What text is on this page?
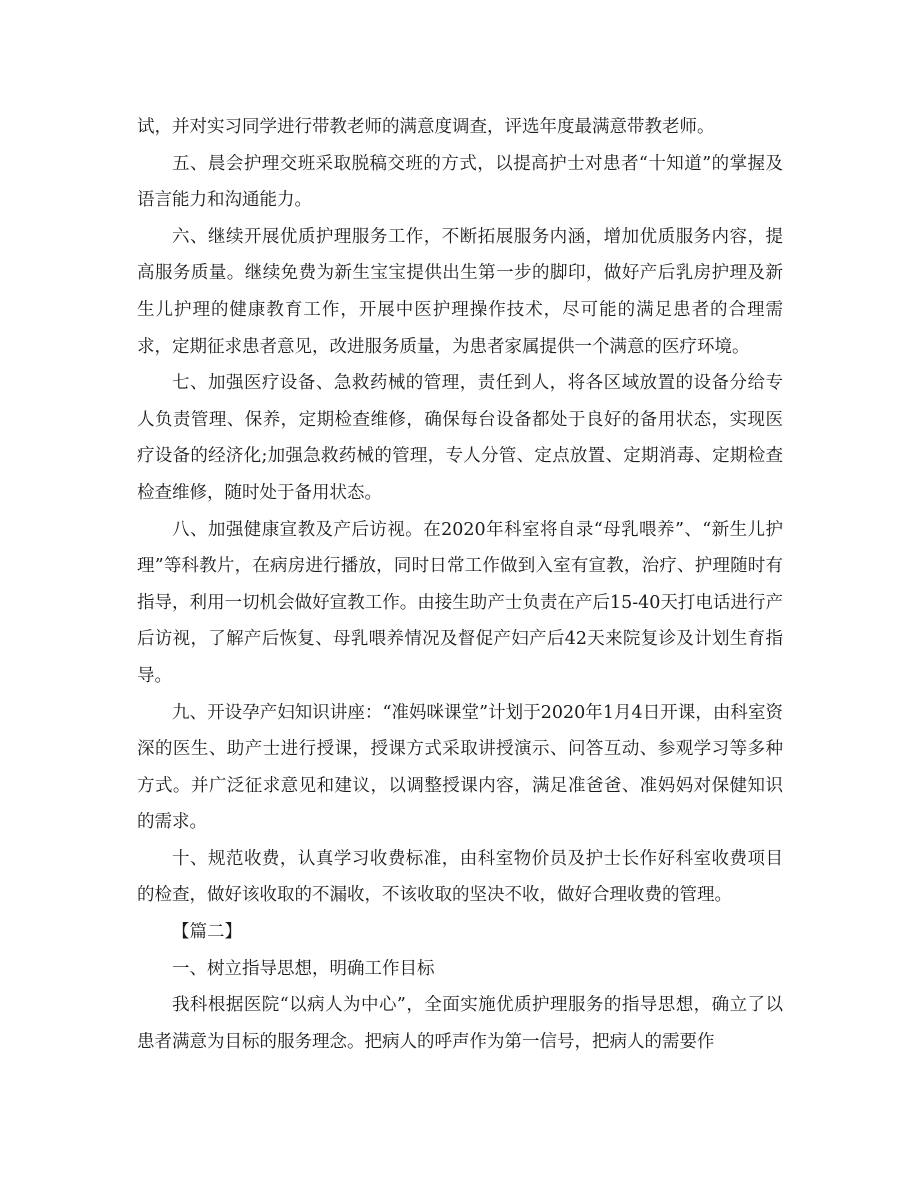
试，并对实习同学进行带教老师的满意度调查，评选年度最满意带教老师。

五、晨会护理交班采取脱稿交班的方式，以提高护士对患者“十知道”的掌握及语言能力和沟通能力。

六、继续开展优质护理服务工作，不断拓展服务内涵，增加优质服务内容，提高服务质量。继续免费为新生宝宝提供出生第一步的脚印，做好产后乳房护理及新生儿护理的健康教育工作，开展中医护理操作技术，尽可能的满足患者的合理需求，定期征求患者意见，改进服务质量，为患者家属提供一个满意的医疗环境。

七、加强医疗设备、急救药械的管理，责任到人，将各区域放置的设备分给专人负责管理、保养，定期检查维修，确保每台设备都处于良好的备用状态，实现医疗设备的经济化;加强急救药械的管理，专人分管、定点放置、定期消毒、定期检查检查维修，随时处于备用状态。

八、加强健康宣教及产后访视。在2020年科室将自录“母乳喂养”、“新生儿护理”等科教片，在病房进行播放，同时日常工作做到入室有宣教，治疗、护理随时有指导，利用一切机会做好宣教工作。由接生助产士负责在产后15-40天打电话进行产后访视，了解产后恢复、母乳喂养情况及督促产妇产后42天来院复诊及计划生育指导。

九、开设孕产妇知识讲座：“准妈咪课堂”计划于2020年1月4日开课，由科室资深的医生、助产士进行授课，授课方式采取讲授演示、问答互动、参观学习等多种方式。并广泛征求意见和建议，以调整授课内容，满足准爸爸、准妈妈对保健知识的需求。

十、规范收费，认真学习收费标准，由科室物价员及护士长作好科室收费项目的检查，做好该收取的不漏收，不该收取的坚决不收，做好合理收费的管理。

【篇二】

一、树立指导思想，明确工作目标

我科根据医院“以病人为中心”，全面实施优质护理服务的指导思想，确立了以患者满意为目标的服务理念。把病人的呼声作为第一信号，把病人的需要作
